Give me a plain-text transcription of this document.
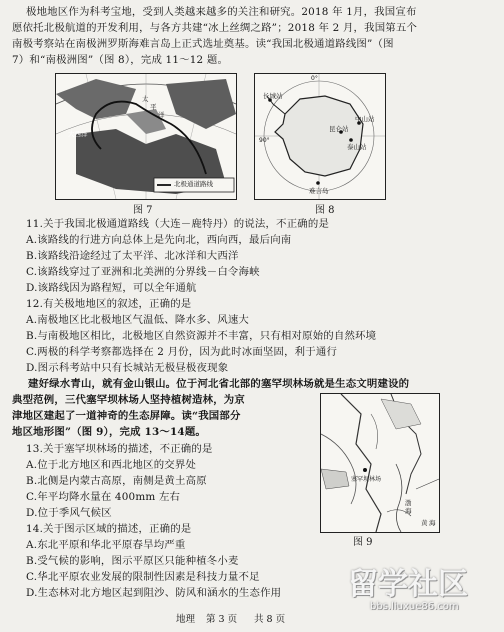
极地地区作为科考宝地，受到人类越来越多的关注和研究。2018 年 1月，我国宣布
愿依托北极航道的开发利用，与各方共建“冰上丝绸之路”；2018 年 2 月，我国第五个
南极考察站在南极洲罗斯海难言岛上正式选址奠基。读“我国北极通道路线图”（图
7）和“南极洲图”（图 8），完成 11～12 题。
北极通道路线
太
平
洋
大西洋
图 7
长城站
昆仑站
中山站
泰山站
难言岛
90°
0°
图 8
11.关于我国北极通道路线（大连－鹿特丹）的说法，不正确的是
A.该路线的行进方向总体上是先向北，西向西，最后向南
B.该路线沿途经过了太平洋、北冰洋和大西洋
C.该路线穿过了亚洲和北美洲的分界线－白令海峡
D.该路线因为路程短，可以全年通航
12.有关极地地区的叙述，正确的是
A.南极地区比北极地区气温低、降水多、风速大
B.与南极地区相比，北极地区自然资源并不丰富，只有相对原始的自然环境
C.两极的科学考察都选择在 2 月份，因为此时冰面坚固，利于通行
D.图示科考站中只有长城站无极昼极夜现象
建好绿水青山，就有金山银山。位于河北省北部的塞罕坝林场就是生态文明建设的
典型范例，三代塞罕坝林场人坚持植树造林，为京
津地区建起了一道神奇的生态屏障。读“我国部分
地区地形图”（图 9），完成 13～14题。
13.关于塞罕坝林场的描述，不正确的是
A.位于北方地区和西北地区的交界处
B.北侧是内蒙古高原，南侧是黄土高原
C.年平均降水量在 400mm 左右
D.位于季风气候区
14.关于图示区域的描述，正确的是
A.东北平原和华北平原春旱均严重
B.受气候的影响，图示平原区只能种植冬小麦
C.华北平原农业发展的限制性因素是科技力量不足
D.生态林对北方地区起到阻沙、防风和涵水的生态作用
塞罕坝林场
渤
海
黄 海
图 9
地理 第 3 页 共 8 页
留学社区
bbs.liuxue86.com
